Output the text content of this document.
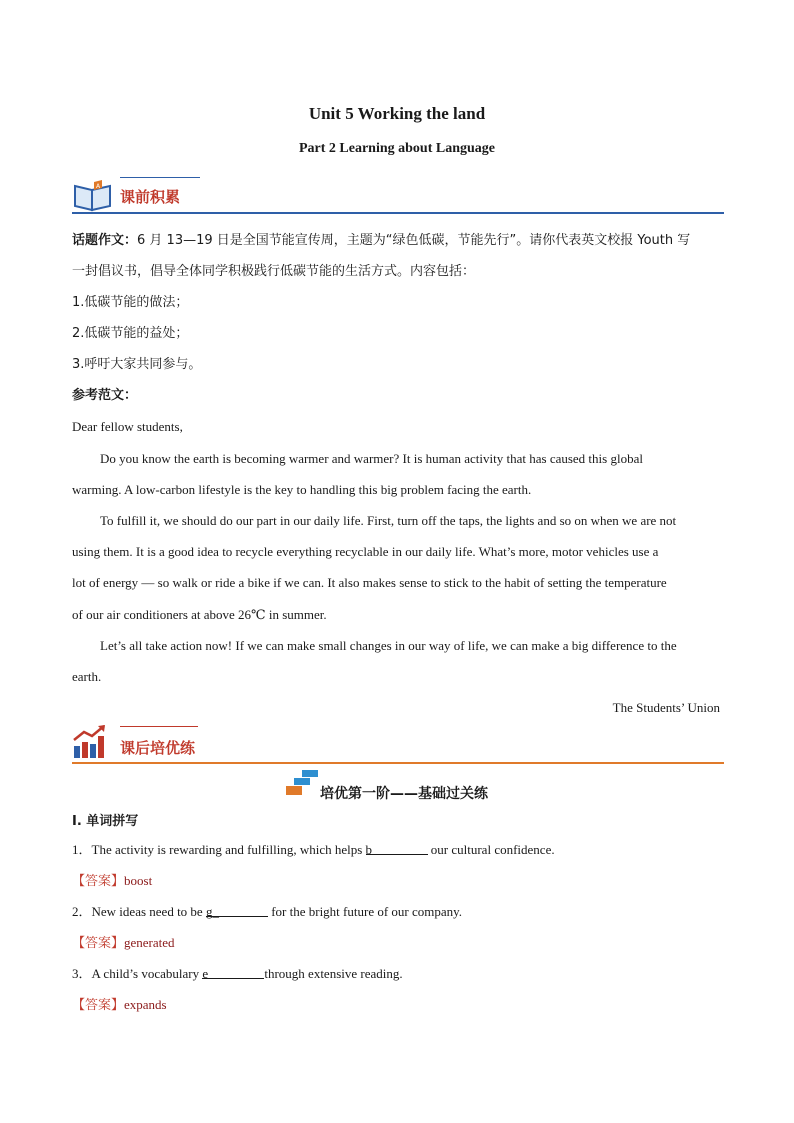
Unit 5 Working the land
Part 2 Learning about Language
A
课前积累
话题作文：6 月 13—19 日是全国节能宣传周，主题为“绿色低碳，节能先行”。请你代表英文校报 Youth 写
一封倡议书，倡导全体同学积极践行低碳节能的生活方式。内容包括：
1.低碳节能的做法；
2.低碳节能的益处；
3.呼吁大家共同参与。
参考范文：
Dear fellow students,
Do you know the earth is becoming warmer and warmer? It is human activity that has caused this global
warming. A low-carbon lifestyle is the key to handling this big problem facing the earth.
To fulfill it, we should do our part in our daily life. First, turn off the taps, the lights and so on when we are not
using them. It is a good idea to recycle everything recyclable in our daily life. What’s more, motor vehicles use a
lot of energy — so walk or ride a bike if we can. It also makes sense to stick to the habit of setting the temperature
of our air conditioners at above 26℃ in summer.
Let’s all take action now! If we can make small changes in our way of life, we can make a big difference to the
earth.
The Students’ Union
课后培优练
培优第一阶——基础过关练
I. 单词拼写
1．The activity is rewarding and fulfilling, which helps b	our cultural confidence.
【答案】boost
2．New ideas need to be g_	for the bright future of our company.
【答案】generated
3．A child’s vocabulary e	through extensive reading.
【答案】expands
